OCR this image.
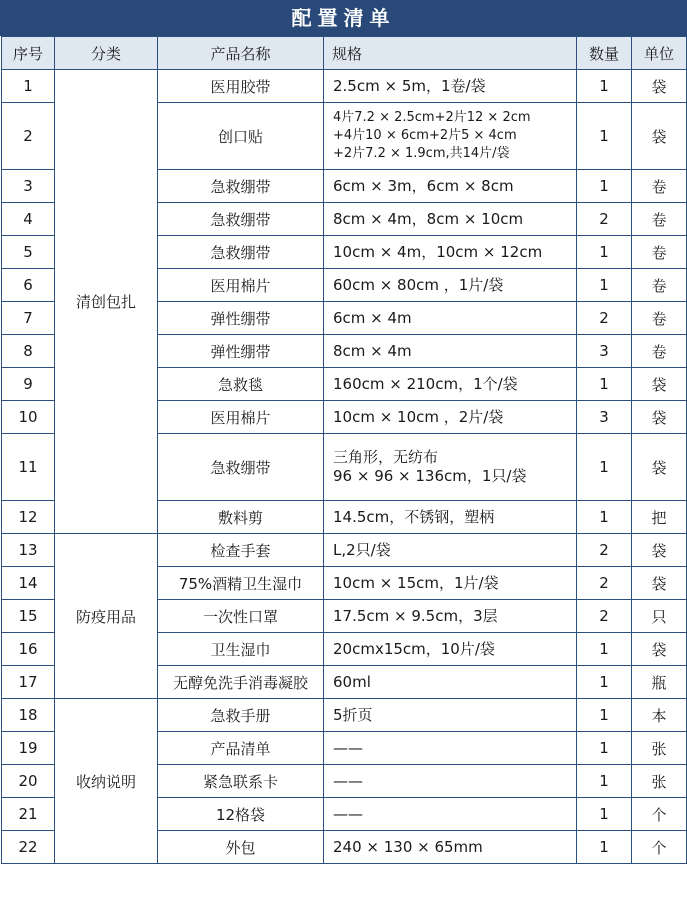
配置清单
序号	分类	产品名称	规格	数量	单位
1	清创包扎	医用胶带	2.5cm × 5m，1卷/袋	1	袋
2		创口贴	4片7.2 × 2.5cm+2片12 × 2cm
+4片10 × 6cm+2片5 × 4cm
+2片7.2 × 1.9cm,共14片/袋	1	袋
3		急救绷带	6cm × 3m，6cm × 8cm	1	卷
4		急救绷带	8cm × 4m，8cm × 10cm	2	卷
5		急救绷带	10cm × 4m，10cm × 12cm	1	卷
6		医用棉片	60cm × 80cm ，1片/袋	1	卷
7		弹性绷带	6cm × 4m	2	卷
8		弹性绷带	8cm × 4m	3	卷
9		急救毯	160cm × 210cm，1个/袋	1	袋
10		医用棉片	10cm × 10cm ，2片/袋	3	袋
11		急救绷带	三角形，无纺布
96 × 96 × 136cm，1只/袋	1	袋
12		敷料剪	14.5cm，不锈钢，塑柄	1	把
13	防疫用品	检查手套	L,2只/袋	2	袋
14		75%酒精卫生湿巾	10cm × 15cm，1片/袋	2	袋
15		一次性口罩	17.5cm × 9.5cm，3层	2	只
16		卫生湿巾	20cmx15cm，10片/袋	1	袋
17		无醇免洗手消毒凝胶	60ml	1	瓶
18	收纳说明	急救手册	5折页	1	本
19		产品清单	——	1	张
20		紧急联系卡	——	1	张
21		12格袋	——	1	个
22		外包	240 × 130 × 65mm	1	个
